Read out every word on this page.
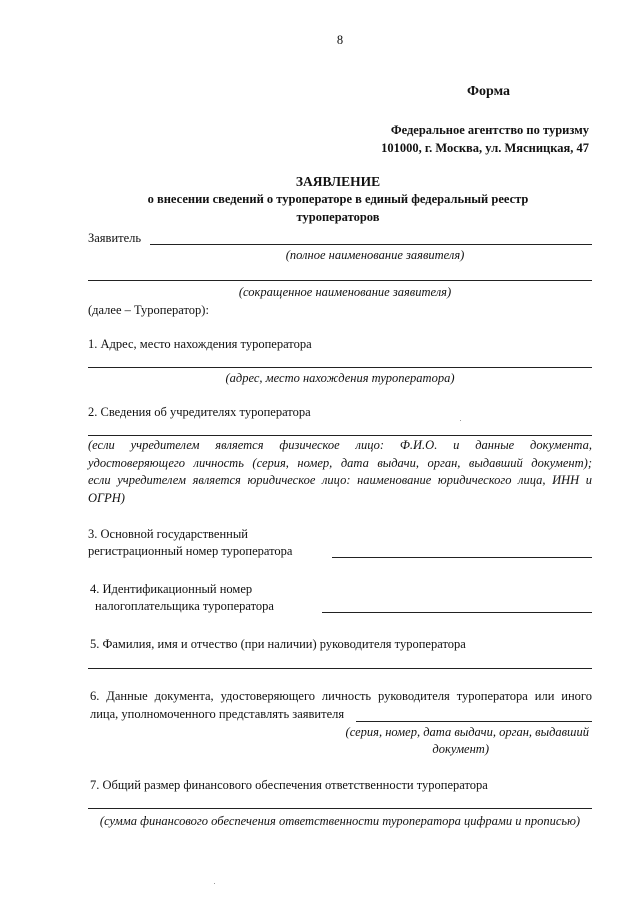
8
Форма
Федеральное агентство по туризму
101000, г. Москва, ул. Мясницкая, 47
ЗАЯВЛЕНИЕ
о внесении сведений о туроператоре в единый федеральный реестр
туроператоров
Заявитель
(полное наименование заявителя)
(сокращенное наименование заявителя)
(далее – Туроператор):
1. Адрес, место нахождения туроператора
(адрес, место нахождения туроператора)
2. Сведения об учредителях туроператора
(если учредителем является физическое лицо: Ф.И.О. и данные документа,
удостоверяющего личность (серия, номер, дата выдачи, орган, выдавший документ);
если учредителем является юридическое лицо: наименование юридического лица, ИНН и
ОГРН)
3. Основной государственный
регистрационный номер туроператора
4. Идентификационный номер
налогоплательщика туроператора
5. Фамилия, имя и отчество (при наличии) руководителя туроператора
6. Данные документа, удостоверяющего личность руководителя туроператора или иного
лица, уполномоченного представлять заявителя
(серия, номер, дата выдачи, орган, выдавший
документ)
7. Общий размер финансового обеспечения ответственности туроператора
(сумма финансового обеспечения ответственности туроператора цифрами и прописью)
